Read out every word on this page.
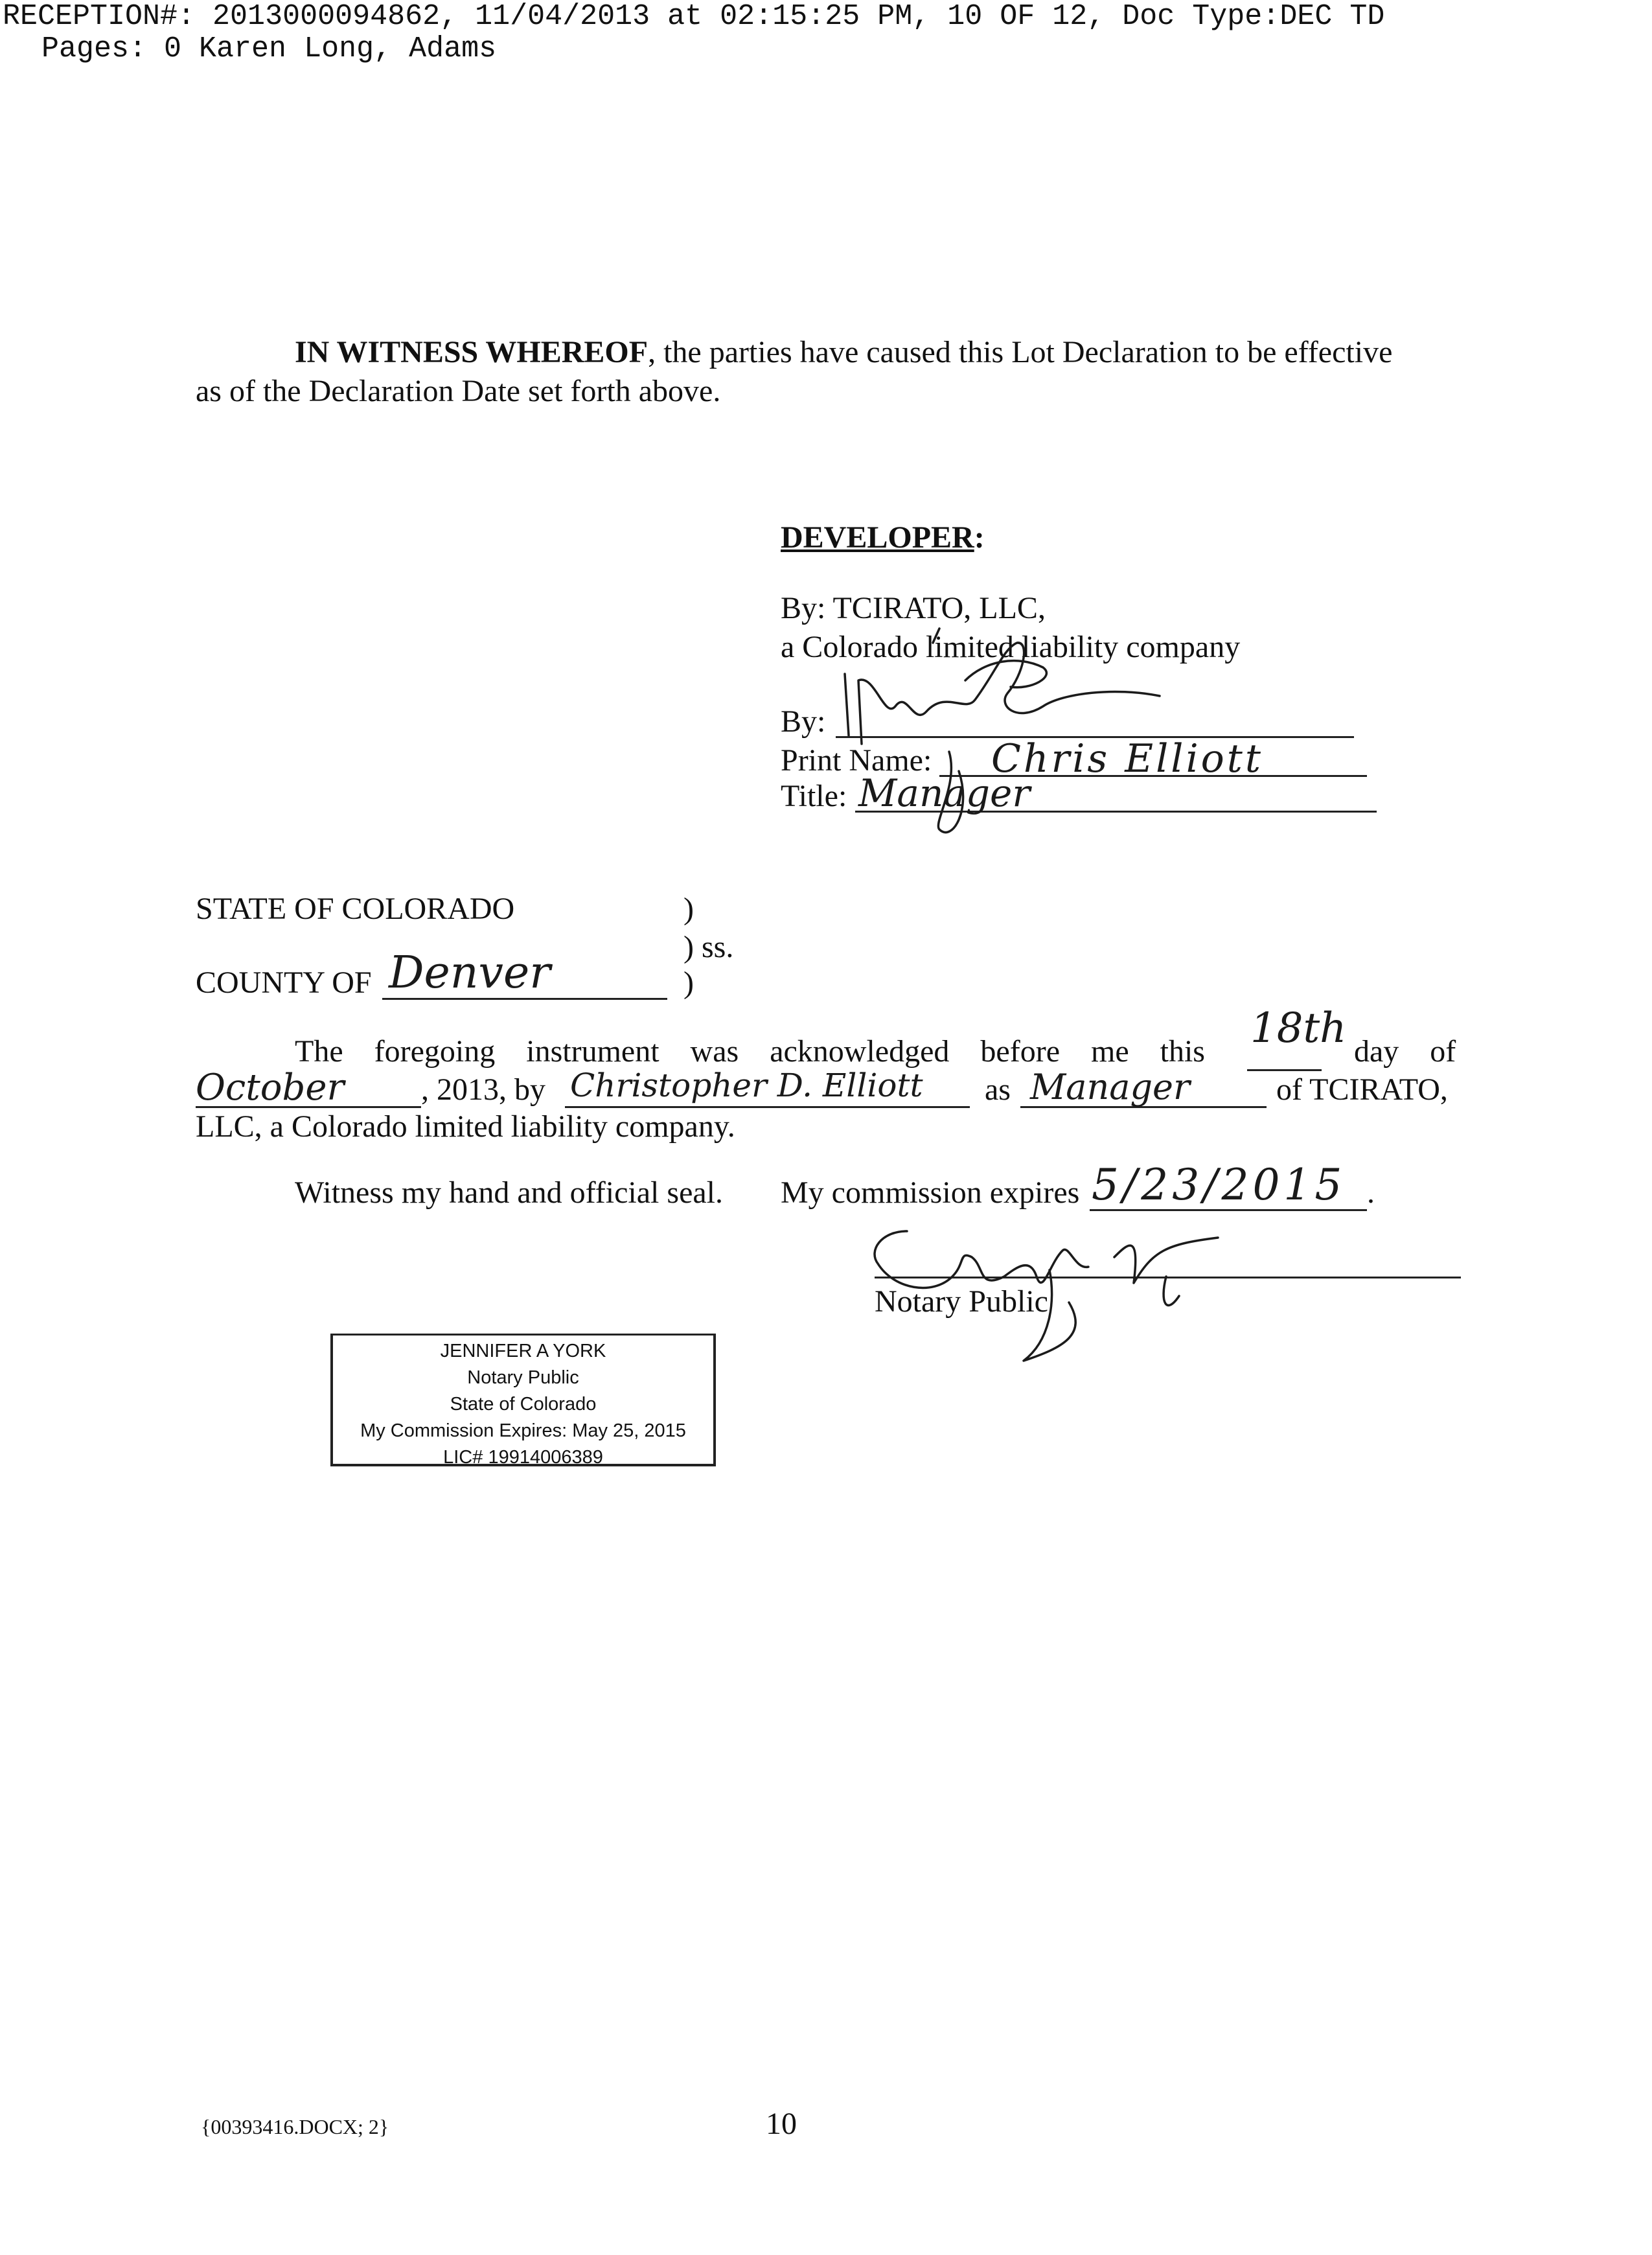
RECEPTION#: 2013000094862, 11/04/2013 at 02:15:25 PM, 10 OF 12, Doc Type:DEC TD
Pages: 0 Karen Long, Adams
IN WITNESS WHEREOF, the parties have caused this Lot Declaration to be effective
as of the Declaration Date set forth above.
DEVELOPER:
By: TCIRATO, LLC,
a Colorado limited liability company
By:
Print Name: Chris Elliott
Title: Manager
STATE OF COLORADO	)
) ss.
COUNTY OF Denver	)
The    foregoing    instrument    was    acknowledged    before    me    this 18th day    of
October , 2013, by Christopher D. Elliott as Manager	of TCIRATO,
LLC, a Colorado limited liability company.
Witness my hand and official seal. My commission expires 5/23/2015 .
Notary Public
JENNIFER A YORK
Notary Public
State of Colorado
My Commission Expires: May 25, 2015
LIC# 19914006389
{00393416.DOCX; 2}	10
